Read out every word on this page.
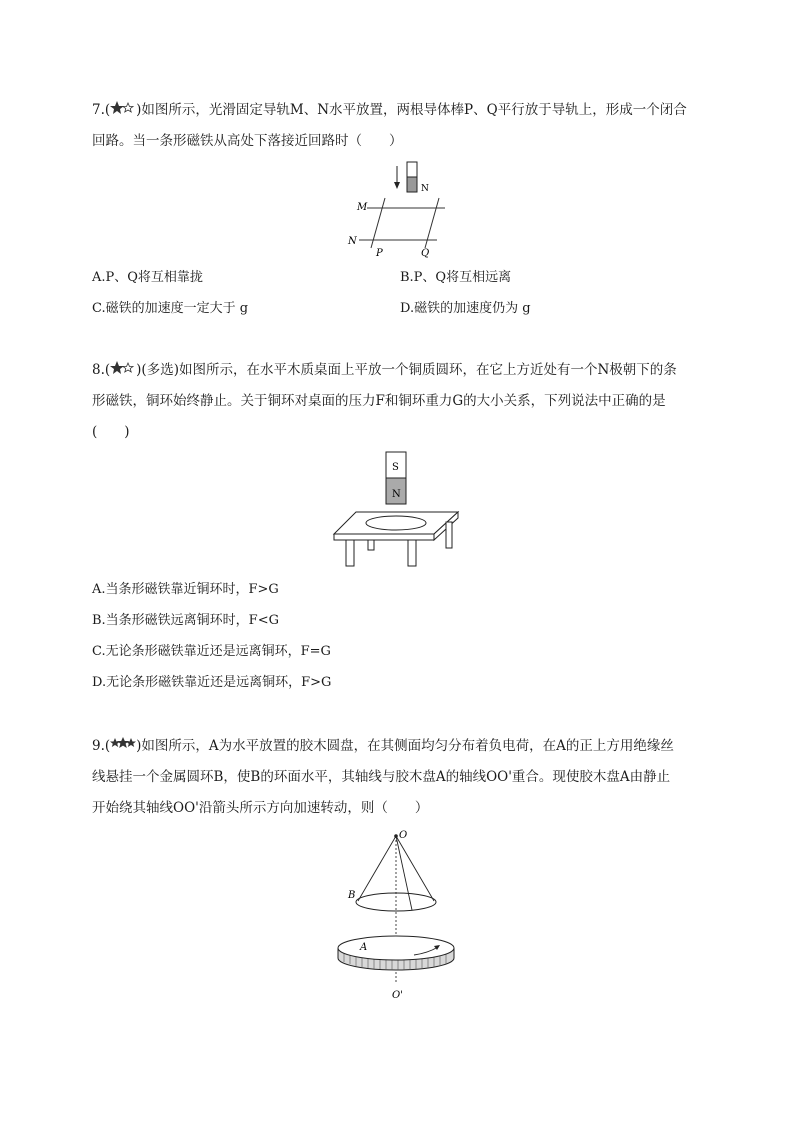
7.( )如图所示，光滑固定导轨M、N水平放置，两根导体棒P、Q平行放于导轨上，形成一个闭合
回路。当一条形磁铁从高处下落接近回路时（　　）
N
M
N
P	Q
A.P、Q将互相靠拢	B.P、Q将互相远离
C.磁铁的加速度一定大于 g	D.磁铁的加速度仍为 g
8.( )(多选)如图所示，在水平木质桌面上平放一个铜质圆环，在它上方近处有一个N极朝下的条
形磁铁，铜环始终静止。关于铜环对桌面的压力F和铜环重力G的大小关系，下列说法中正确的是
(　　)
S
N
A.当条形磁铁靠近铜环时，F>G
B.当条形磁铁远离铜环时，F<G
C.无论条形磁铁靠近还是远离铜环，F=G
D.无论条形磁铁靠近还是远离铜环，F>G
9.( )如图所示，A为水平放置的胶木圆盘，在其侧面均匀分布着负电荷，在A的正上方用绝缘丝
线悬挂一个金属圆环B，使B的环面水平，其轴线与胶木盘A的轴线OO'重合。现使胶木盘A由静止
开始绕其轴线OO'沿箭头所示方向加速转动，则（　　）
O
B
A
O'
